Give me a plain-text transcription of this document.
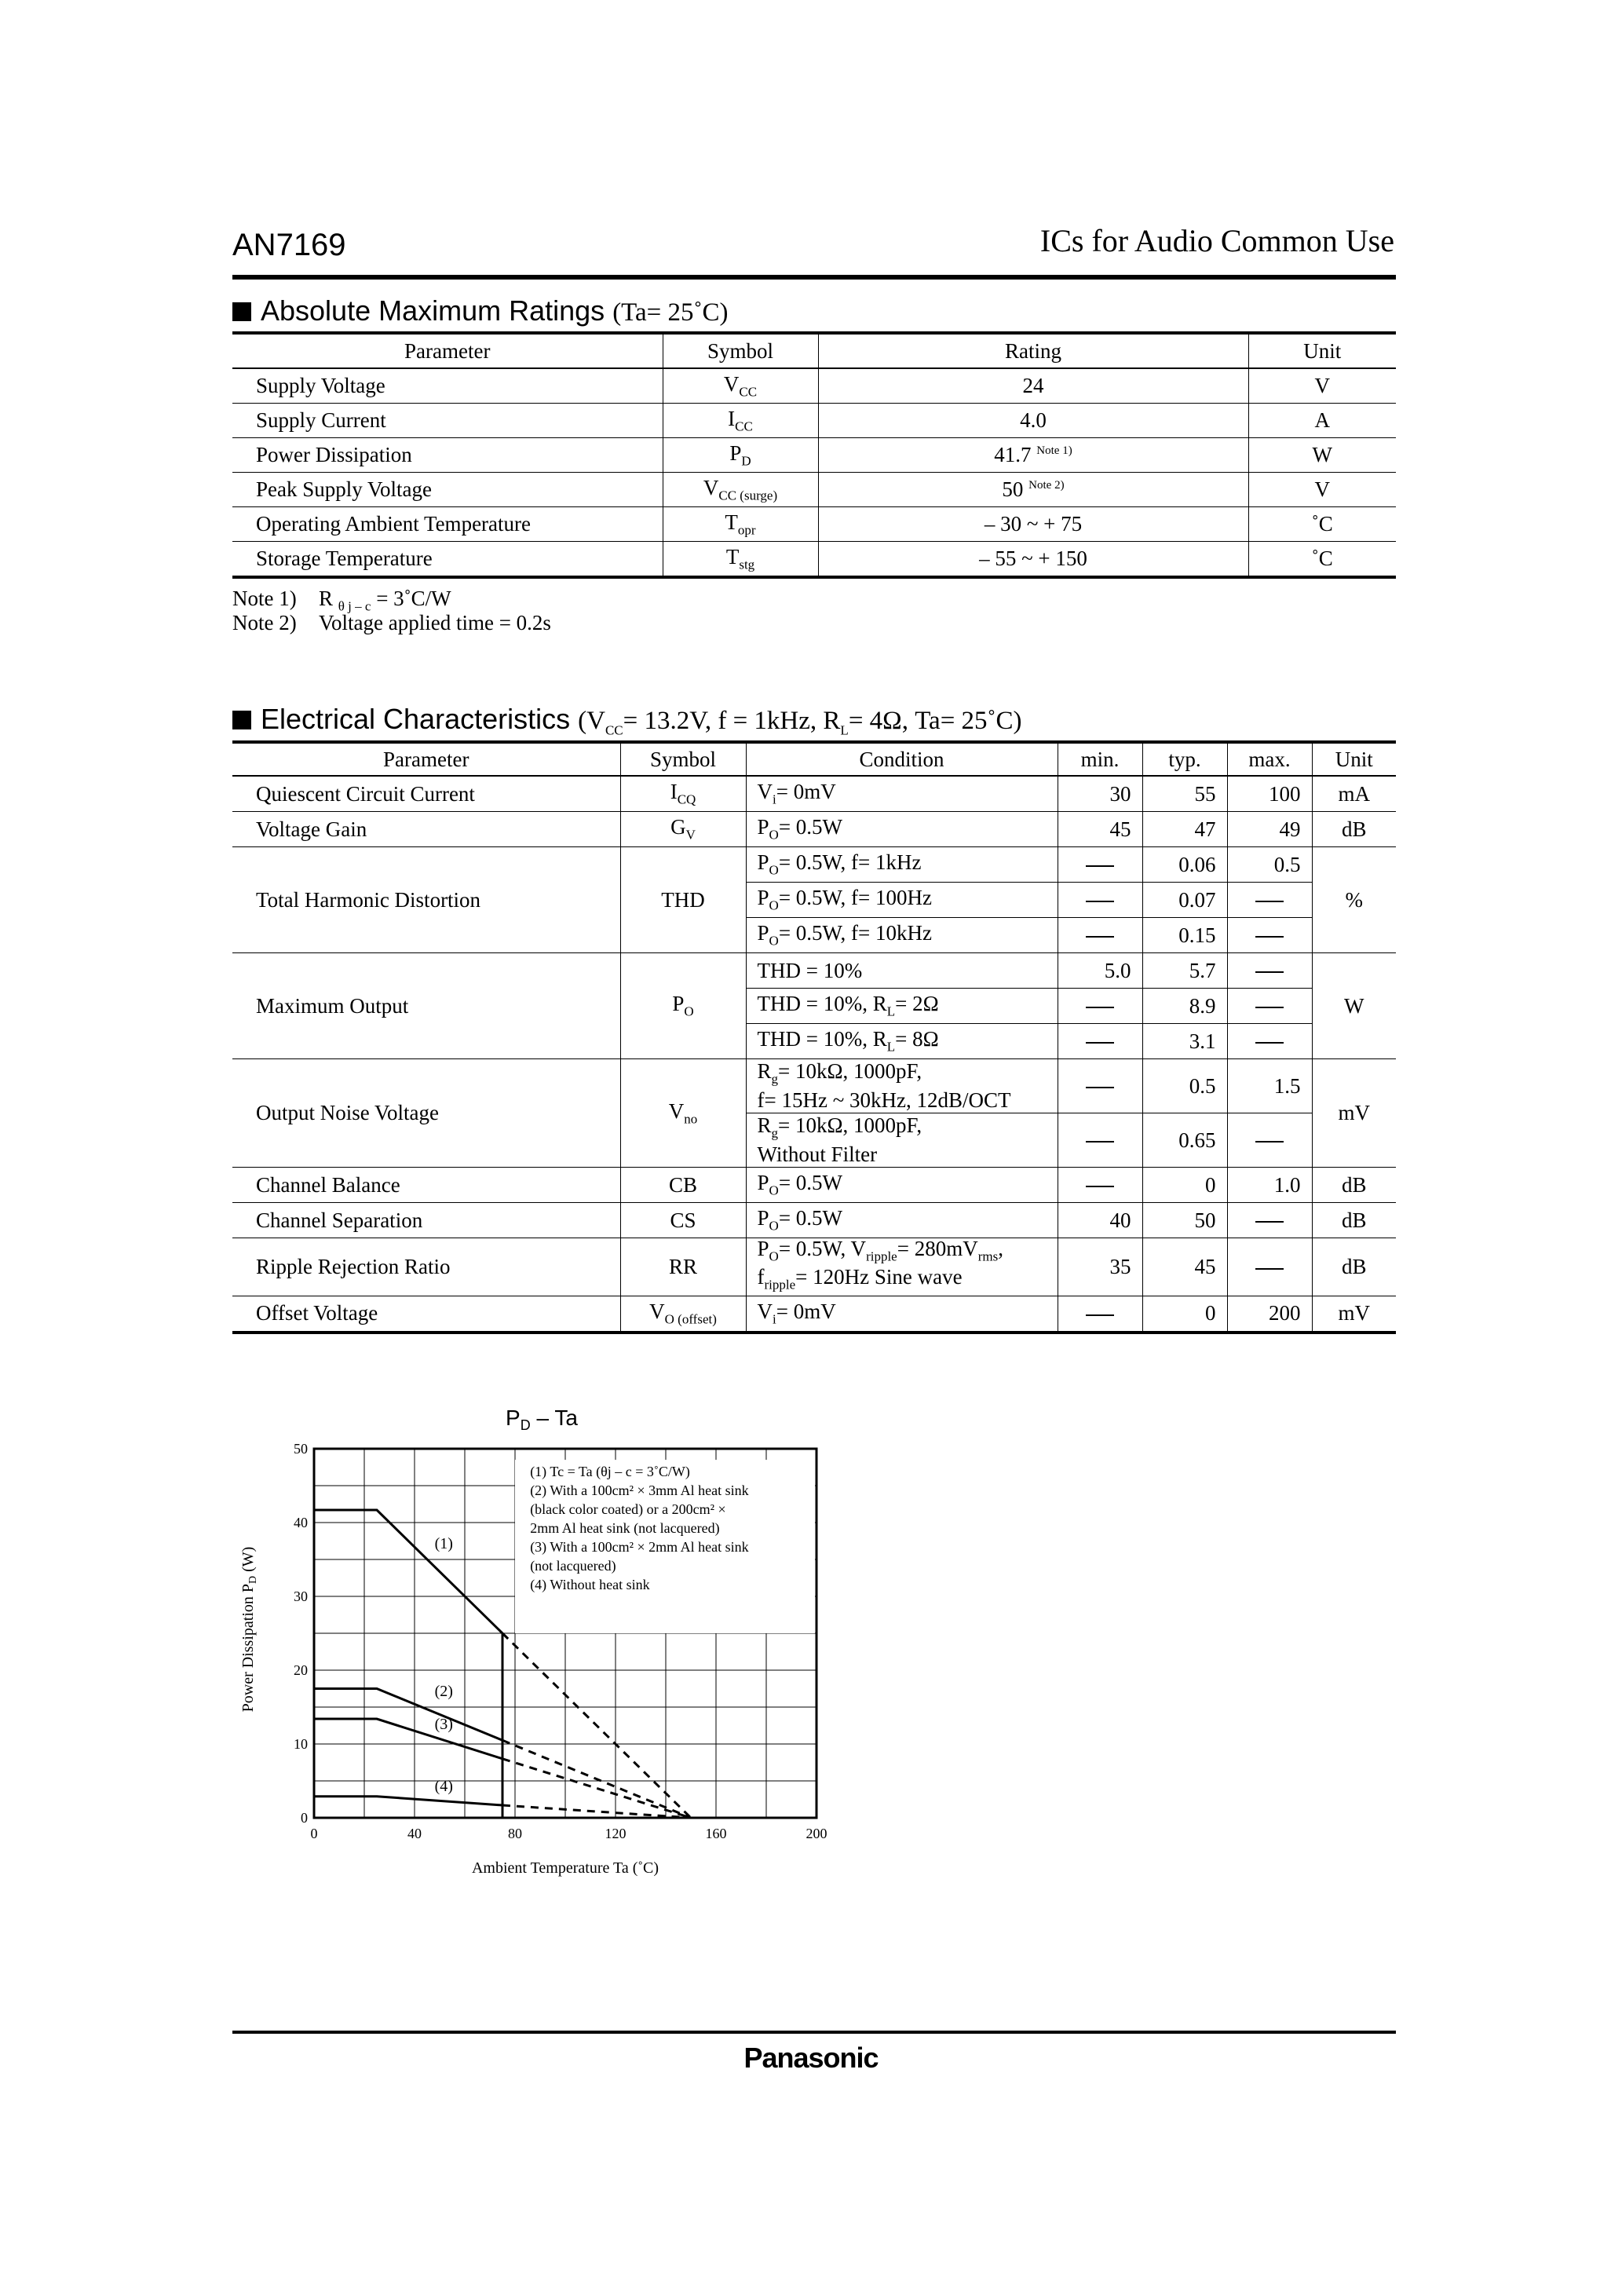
AN7169	ICs for Audio Common Use
Absolute Maximum Ratings (Ta= 25˚C)
Parameter	Symbol	Rating	Unit
Supply Voltage	$V_{CC}$	24	V
Supply Current	$I_{CC}$	4.0	A
Power Dissipation	$P_D$	41.7 $^{Note 1)}$	W
Peak Supply Voltage	$V_{CC (surge)}$	50 $^{Note 2)}$	V
Operating Ambient Temperature	$T_{opr}$	– 30 ~ + 75	˚C
Storage Temperature	$T_{stg}$	– 55 ~ + 150	˚C
Note 1) R $_{\theta j - c}$ = 3˚C/W
Note 2) Voltage applied time = 0.2s
Electrical Characteristics ($V_{CC}= 13.2V$, f = 1kHz, $R_L= 4\Omega$, Ta= 25˚C)
Parameter	Symbol	Condition	min.	typ.	max.	Unit
Quiescent Circuit Current	$I_{CQ}$	$V_i= 0mV$	30	55	100	mA
Voltage Gain	$G_V$	$P_O= 0.5W$	45	47	49	dB
Total Harmonic Distortion	THD	$P_O= 0.5W$, f= 1kHz		0.06	0.5	%
		$P_O= 0.5W$, f= 100Hz		0.07		
		$P_O= 0.5W$, f= 10kHz		0.15		
Maximum Output	$P_O$	THD = 10%	5.0	5.7		W
		THD = 10%, $R_L= 2\Omega$		8.9		
		THD = 10%, $R_L= 8\Omega$		3.1		
Output Noise Voltage	$V_{no}$	$R_g= 10k\Omega$, 1000pF,
f= 15Hz ~ 30kHz, 12dB/OCT		0.5	1.5	mV
		$R_g= 10k\Omega$, 1000pF,
Without Filter		0.65		
Channel Balance	CB	$P_O= 0.5W$		0	1.0	dB
Channel Separation	CS	$P_O= 0.5W$	40	50		dB
Ripple Rejection Ratio	RR	$P_O= 0.5W$, $V_{ripple}= 280mV_{rms}$,
$f_{ripple}= 120Hz$ Sine wave	35	45		dB
Offset Voltage	$V_{O (offset)}$	$V_i= 0mV$		0	200	mV
$P_D$ – Ta
(1) Tc = Ta (θj – c = 3˚C/W)
(2) With a 100cm² × 3mm Al heat sink
(black color coated) or a 200cm² ×
2mm Al heat sink (not lacquered)
(3) With a 100cm² × 2mm Al heat sink
(not lacquered)
(4) Without heat sink
(1)
(2)
(3)
(4)
0	40	80	120	160	200
0
10
20
30
40
50
Ambient Temperature Ta (˚C)
Power Dissipation $P_D$ (W)
Panasonic
